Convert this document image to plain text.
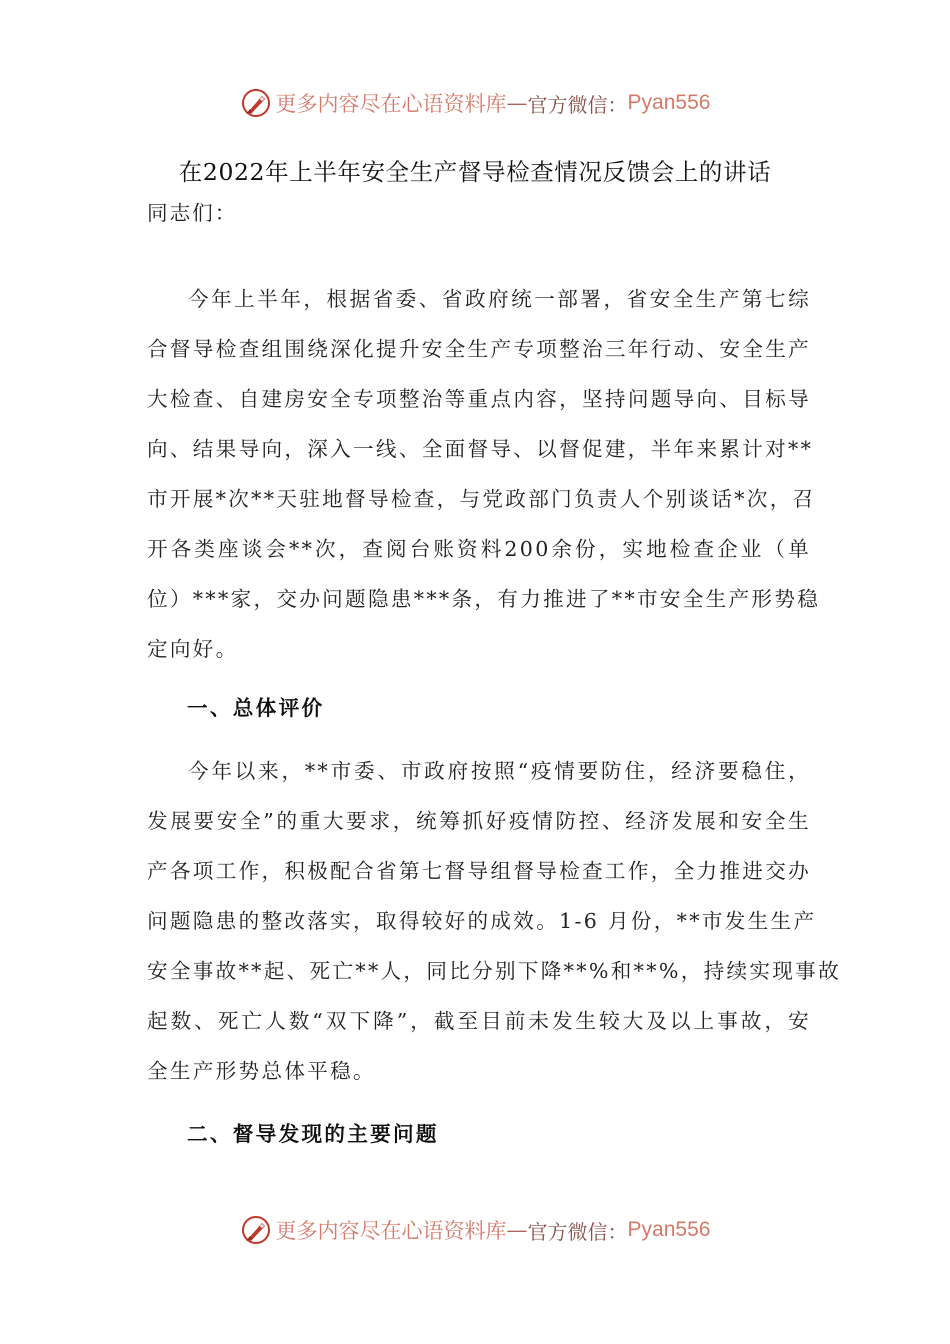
更多内容尽在心语资料库 — 官方微信： Pyan556
在2022年上半年安全生产督导检查情况反馈会上的讲话
同志们：
今年上半年，根据省委、省政府统一部署，省安全生产第七综
合督导检查组围绕深化提升安全生产专项整治三年行动、安全生产
大检查、自建房安全专项整治等重点内容，坚持问题导向、目标导
向、结果导向，深入一线、全面督导、以督促建，半年来累计对**
市开展*次**天驻地督导检查，与党政部门负责人个别谈话*次，召
开各类座谈会**次，查阅台账资料200余份，实地检查企业（单
位）***家，交办问题隐患***条，有力推进了**市安全生产形势稳
定向好。
一、总体评价
今年以来，**市委、市政府按照“疫情要防住，经济要稳住，
发展要安全”的重大要求，统筹抓好疫情防控、经济发展和安全生
产各项工作，积极配合省第七督导组督导检查工作，全力推进交办
问题隐患的整改落实，取得较好的成效。1-6 月份，**市发生生产
安全事故**起、死亡**人，同比分别下降**%和**%，持续实现事故
起数、死亡人数“双下降”，截至目前未发生较大及以上事故，安
全生产形势总体平稳。
二、督导发现的主要问题
更多内容尽在心语资料库 — 官方微信： Pyan556
